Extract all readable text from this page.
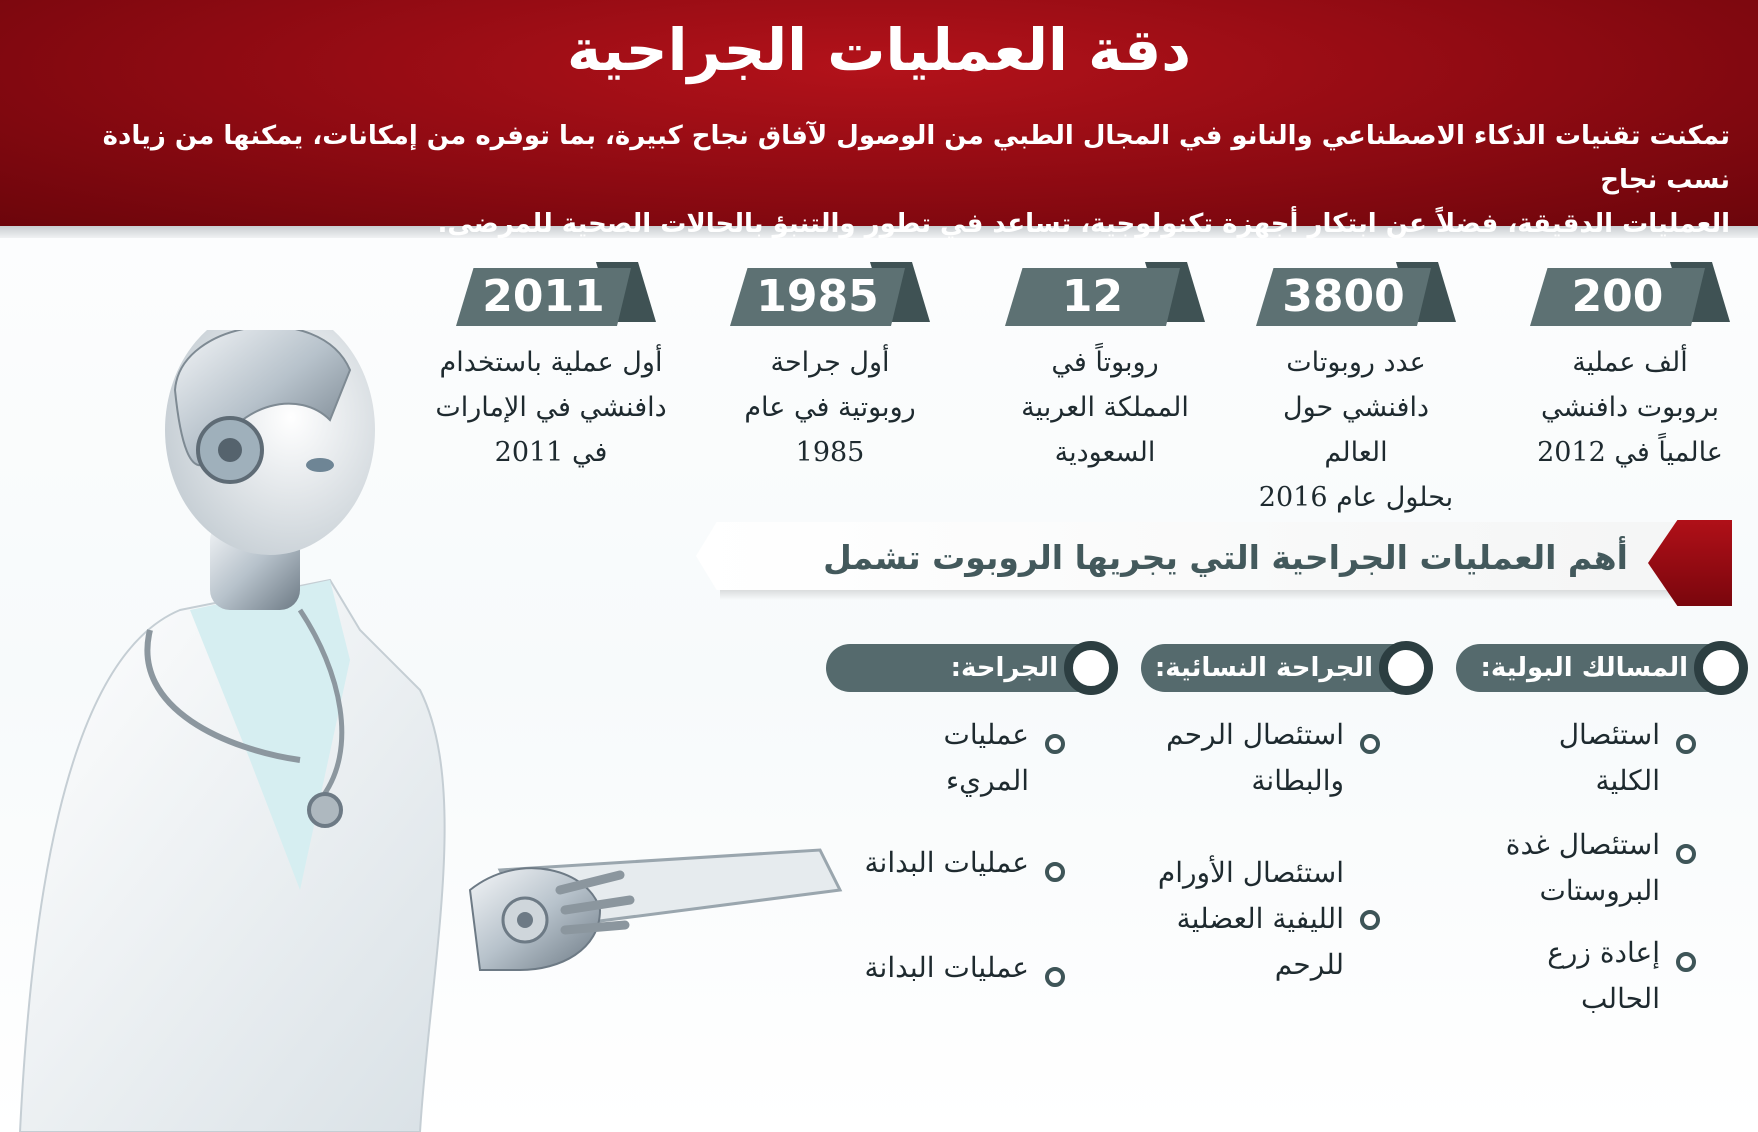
دقة العمليات الجراحية
تمكنت تقنيات الذكاء الاصطناعي والنانو في المجال الطبي من الوصول لآفاق نجاح كبيرة، بما توفره من إمكانات، يمكنها من زيادة نسب نجاح
العمليات الدقيقة، فضلاً عن ابتكار أجهزة تكنولوجية، تساعد في تطور والتنبؤ بالحالات الصحية للمرضى.
200
ألف عملية
بروبوت دافنشي
عالمياً في 2012
3800
عدد روبوتات
دافنشي حول العالم
بحلول عام 2016
12
روبوتاً في
المملكة العربية
السعودية
1985
أول جراحة
روبوتية في عام
1985
2011
أول عملية باستخدام
دافنشي في الإمارات
في 2011
أهم العمليات الجراحية التي يجريها الروبوت تشمل
المسالك البولية:
استئصال
الكلية
استئصال غدة
البروستات
إعادة زرع
الحالب
الجراحة النسائية:
استئصال الرحم
والبطانة
استئصال الأورام
الليفية العضلية
للرحم
الجراحة:
عمليات
المريء
عمليات البدانة
عمليات البدانة
